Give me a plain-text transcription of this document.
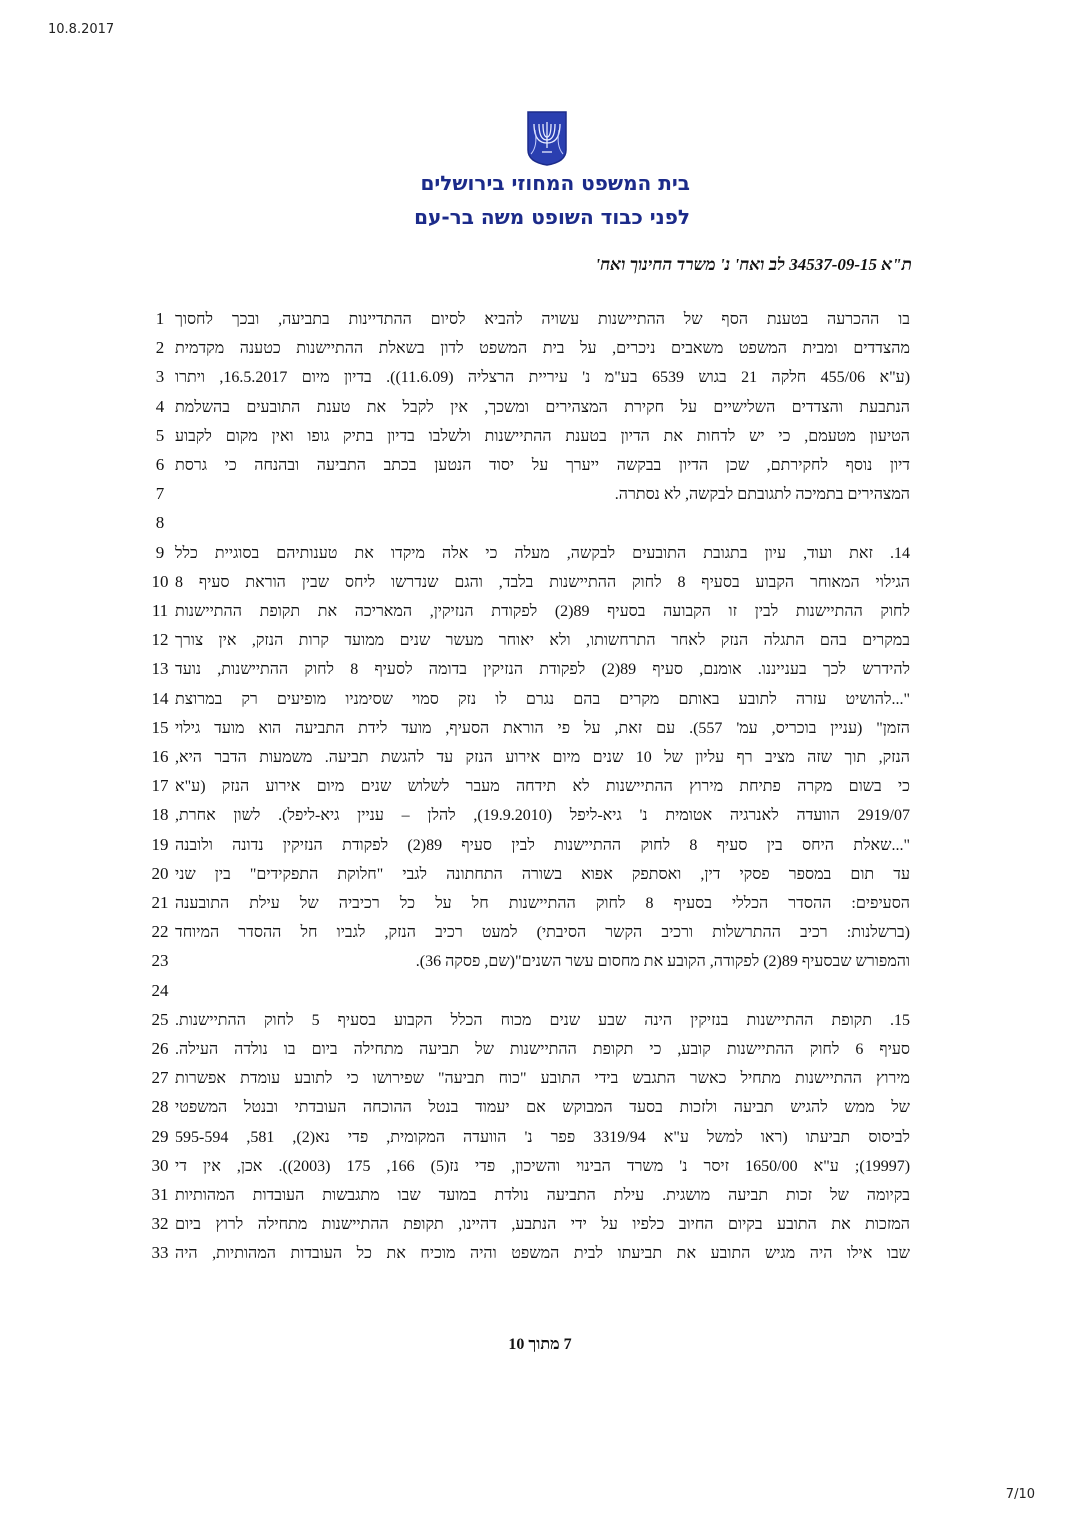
10.8.2017
בית המשפט המחוזי בירושלים
לפני כבוד השופט משה בר-עם
ת"א 34537-09-15 לב ואח' נ' משרד החינוך ואח'
1 בו ההכרעה בטענת הסף של ההתיישנות עשויה להביא לסיום ההתדיינות בתביעה, ובכך לחסוך
2 מהצדדים ומבית המשפט משאבים ניכרים, על בית המשפט לדון בשאלת ההתיישנות כטענה מקדמית
3 (ע"א 455/06 חלקה 21 בגוש 6539 בע"מ נ' עיריית הרצליה (11.6.09)). בדיון מיום 16.5.2017, ויתרו
4 הנתבעת והצדדים השלישיים על חקירת המצהירים ומשכך, אין לקבל את טענת התובעים בהשלמת
5 הטיעון מטעמם, כי יש לדחות את הדיון בטענת ההתיישנות ולשלבו בדיון בתיק גופו ואין מקום לקבוע
6 דיון נוסף לחקירתם, שכן הדיון בבקשה ייערך על יסוד הנטען בכתב התביעה ובהנחה כי גרסת
7	המצהירים בתמיכה לתגובתם לבקשה, לא נסתרה.
8
9 14. זאת ועוד, עיון בתגובת התובעים לבקשה, מעלה כי אלה מיקדו את טענותיהם בסוגיית כלל
10 הגילוי המאוחר הקבוע בסעיף 8 לחוק ההתיישנות בלבד, והגם שנדרשו ליחס שבין הוראת סעיף 8
11 לחוק ההתיישנות לבין זו הקבועה בסעיף 89(2) לפקודת הנזיקין, המאריכה את תקופת ההתיישנות
12 במקרים בהם התגלה הנזק לאחר התרחשותו, ולא יאוחר מעשר שנים ממועד קרות הנזק, אין צורך
13 להידרש לכך בענייננו. אומנם, סעיף 89(2) לפקודת הנזיקין בדומה לסעיף 8 לחוק ההתיישנות, נועד
14 "...להושיט עזרה לתובע באותם מקרים בהם נגרם לו נזק סמוי שסימניו מופיעים רק במרוצת
15 הזמן" (עניין בוכריס, עמ' 557). עם זאת, על פי הוראת הסעיף, מועד לידת התביעה הוא מועד גילוי
16 הנזק, תוך שזה מציב רף עליון של 10 שנים מיום אירוע הנזק עד להגשת תביעה. משמעות הדבר היא,
17 כי בשום מקרה פתיחת מירוץ ההתיישנות לא תידחה מעבר לשלוש שנים מיום אירוע הנזק (ע"א
18 2919/07 הוועדה לאנרגיה אטומית נ' גיא-ליפל (19.9.2010), להלן – עניין גיא-ליפל). לשון אחרת,
19 "...שאלת היחס בין סעיף 8 לחוק ההתיישנות לבין סעיף 89(2) לפקודת הנזיקין נדונה ולובנה
20 עד תום במספר פסקי דין, ואסתפק אפוא בשורה התחתונה לגבי "חלוקת התפקידים" בין שני
21 הסעיפים: ההסדר הכללי בסעיף 8 לחוק ההתיישנות חל על כל רכיביה של עילת התובענה
22 (ברשלנות: רכיב ההתרשלות ורכיב הקשר הסיבתי) למעט רכיב הנזק, לגביו חל ההסדר המיוחד
23	והמפורש שבסעיף 89(2) לפקודה, הקובע את מחסום עשר השנים"(שם, פסקה 36).
24
25 15. תקופת ההתיישנות בנזיקין הינה שבע שנים מכוח הכלל הקבוע בסעיף 5 לחוק ההתיישנות.
26 סעיף 6 לחוק ההתיישנות קובע, כי תקופת ההתיישנות של תביעה מתחילה ביום בו נולדה העילה.
27 מירוץ ההתיישנות מתחיל כאשר התגבש בידי התובע "כוח תביעה" שפירושו כי לתובע עומדת אפשרות
28 של ממש להגיש תביעה ולזכות בסעד המבוקש אם יעמוד בנטל ההוכחה העובדתי ובנטל המשפטי
29 לביסוס תביעתו (ראו למשל ע"א 3319/94 פפר נ' הוועדה המקומית, פדי נא(2), 581, 595-594
30 (19997); ע"א 1650/00 זיסר נ' משרד הבינוי והשיכון, פדי נז(5) 166, 175 (2003)). אכן, אין די
31 בקיומה של זכות תביעה מושגית. עילת התביעה נולדת במועד שבו מתגבשות העובדות המהותיות
32 המזכות את התובע בקיום החיוב כלפיו על ידי הנתבע, דהיינו, תקופת ההתיישנות מתחילה לרוץ ביום
33 שבו אילו היה מגיש התובע את תביעתו לבית המשפט והיה מוכיח את כל העובדות המהותיות, היה
7 מתוך 10
7/10
